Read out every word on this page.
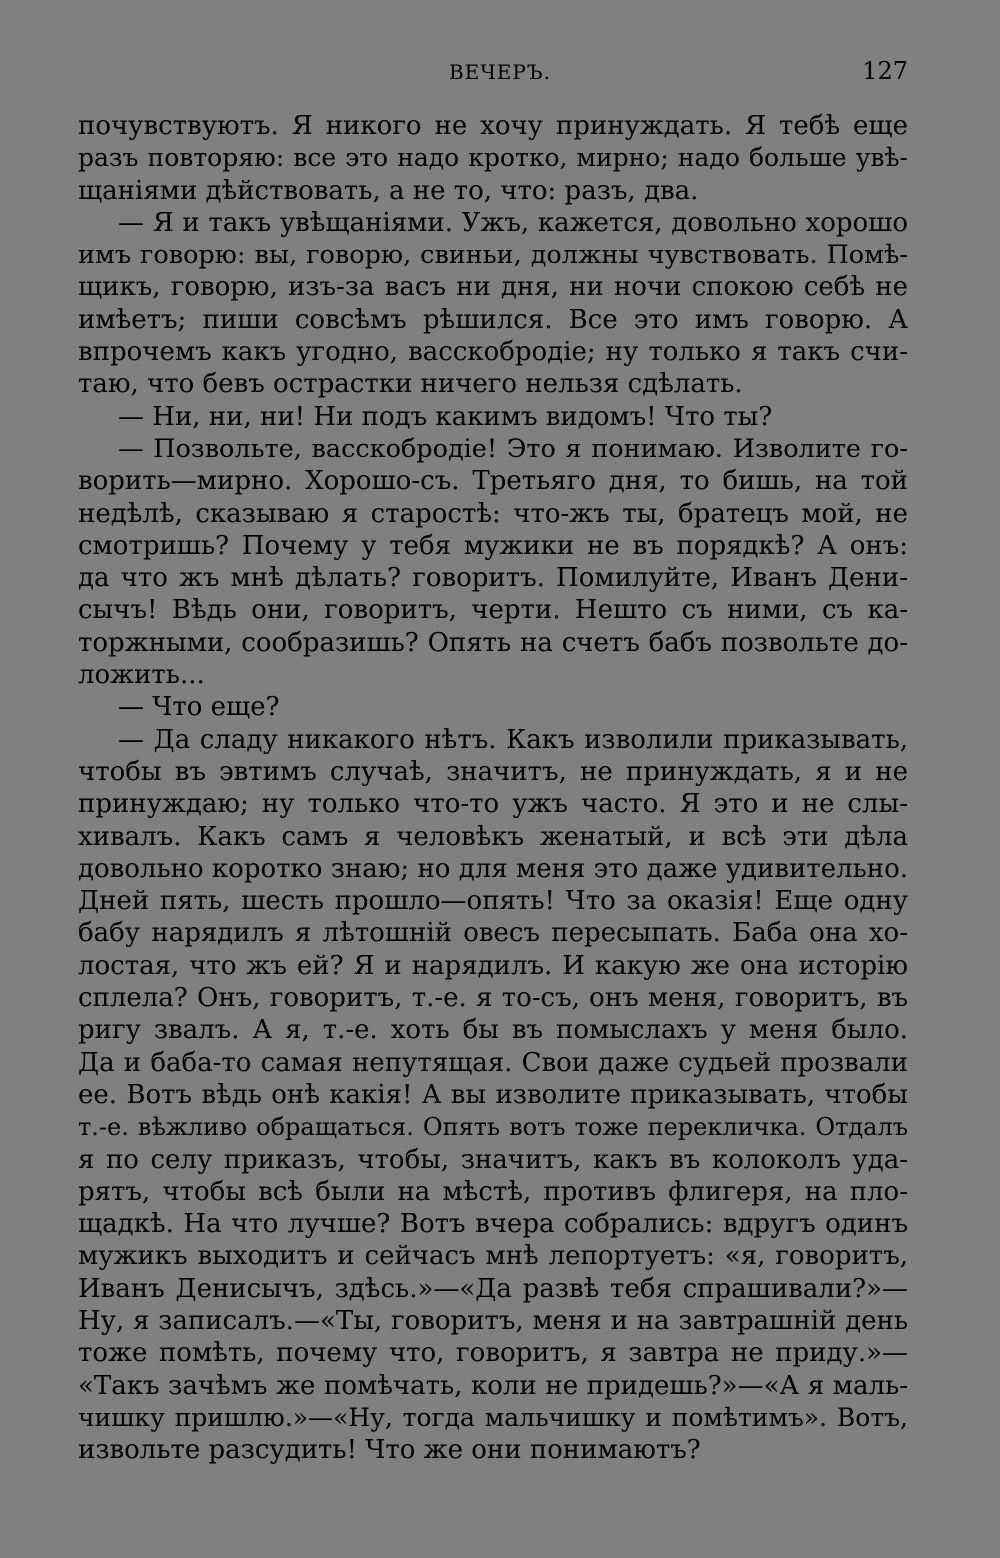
ВЕЧЕРЪ.	127
почувствуютъ. Я никого не хочу принуждать. Я тебѣ еще
разъ повторяю: все это надо кротко, мирно; надо больше увѣ-
щаніями дѣйствовать, а не то, что: разъ, два.
— Я и такъ увѣщаніями. Ужъ, кажется, довольно хорошо
имъ говорю: вы, говорю, свиньи, должны чувствовать. Помѣ-
щикъ, говорю, изъ-за васъ ни дня, ни ночи спокою себѣ не
имѣетъ; пиши совсѣмъ рѣшился. Все это имъ говорю. А
впрочемъ какъ угодно, васскобродіе; ну только я такъ счи-
таю, что бевъ острастки ничего нельзя сдѣлать.
— Ни, ни, ни! Ни подъ какимъ видомъ! Что ты?
— Позвольте, васскобродіе! Это я понимаю. Изволите го-
ворить—мирно. Хорошо-съ. Третьяго дня, то бишь, на той
недѣлѣ, сказываю я старостѣ: что-жъ ты, братецъ мой, не
смотришь? Почему у тебя мужики не въ порядкѣ? А онъ:
да что жъ мнѣ дѣлать? говоритъ. Помилуйте, Иванъ Дени-
сычъ! Вѣдь они, говоритъ, черти. Нешто съ ними, съ ка-
торжными, сообразишь? Опять на счетъ бабъ позвольте до-
ложить...
— Что еще?
— Да сладу никакого нѣтъ. Какъ изволили приказывать,
чтобы въ эвтимъ случаѣ, значитъ, не принуждать, я и не
принуждаю; ну только что-то ужъ часто. Я это и не слы-
хивалъ. Какъ самъ я человѣкъ женатый, и всѣ эти дѣла
довольно коротко знаю; но для меня это даже удивительно.
Дней пять, шесть прошло—опять! Что за оказія! Еще одну
бабу нарядилъ я лѣтошній овесъ пересыпать. Баба она хо-
лостая, что жъ ей? Я и нарядилъ. И какую же она исторію
сплела? Онъ, говоритъ, т.-е. я то-съ, онъ меня, говоритъ, въ
ригу звалъ. А я, т.-е. хоть бы въ помыслахъ у меня было.
Да и баба-то самая непутящая. Свои даже судьей прозвали
ее. Вотъ вѣдь онѣ какія! А вы изволите приказывать, чтобы
т.-е. вѣжливо обращаться. Опять вотъ тоже перекличка. Отдалъ
я по селу приказъ, чтобы, значитъ, какъ въ колоколъ уда-
рятъ, чтобы всѣ были на мѣстѣ, противъ флигеря, на пло-
щадкѣ. На что лучше? Вотъ вчера собрались: вдругъ одинъ
мужикъ выходитъ и сейчасъ мнѣ лепортуетъ: «я, говоритъ,
Иванъ Денисычъ, здѣсь.»—«Да развѣ тебя спрашивали?»—
Ну, я записалъ.—«Ты, говоритъ, меня и на завтрашній день
тоже помѣть, почему что, говоритъ, я завтра не приду.»—
«Такъ зачѣмъ же помѣчать, коли не придешь?»—«А я маль-
чишку пришлю.»—«Ну, тогда мальчишку и помѣтимъ». Вотъ,
извольте разсудить! Что же они понимаютъ?
